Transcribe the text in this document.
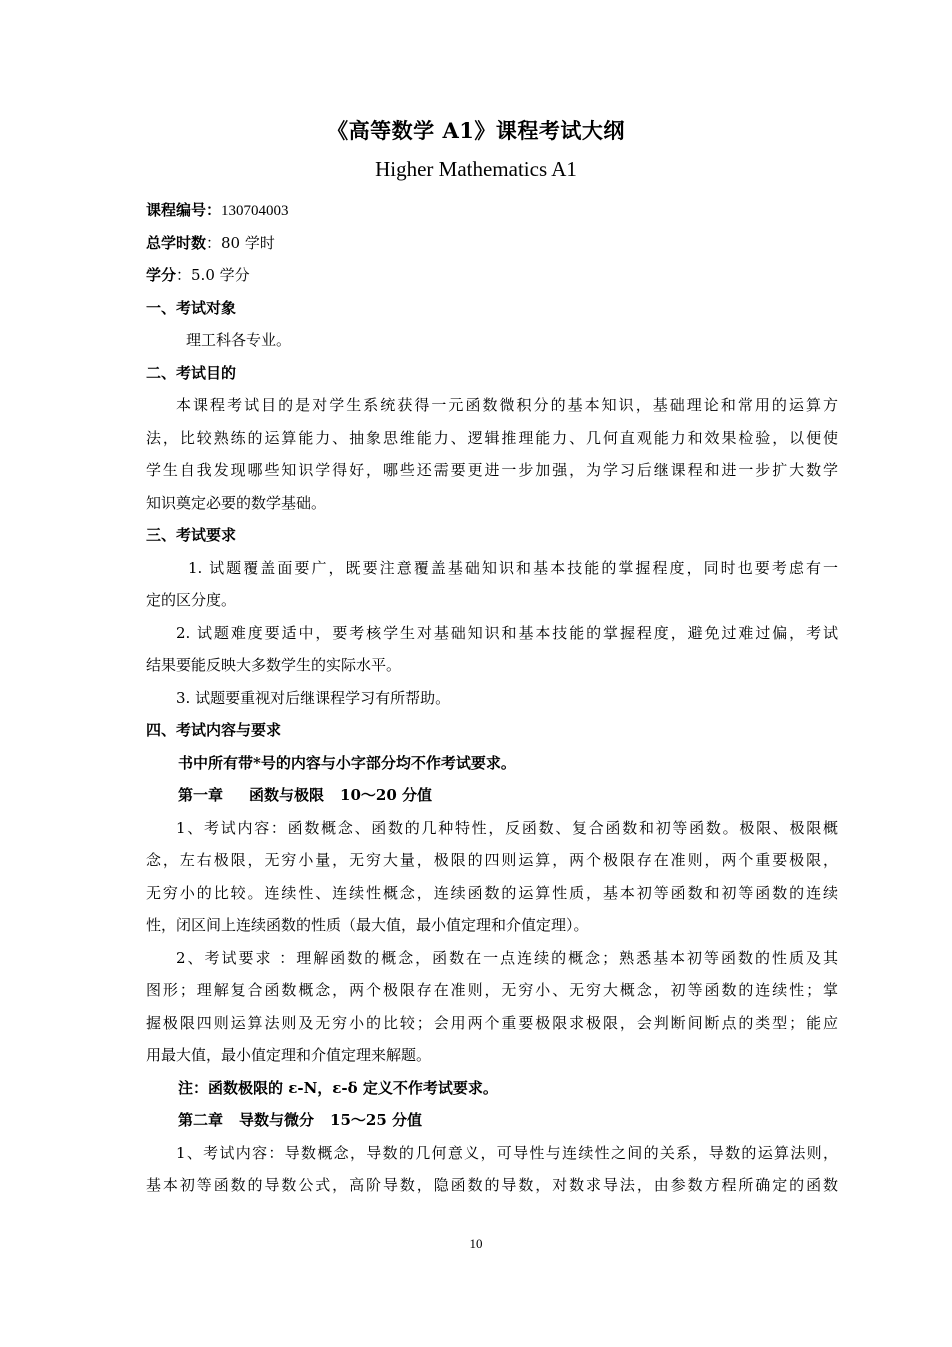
《高等数学 A1》课程考试大纲
Higher Mathematics A1
课程编号：130704003
总学时数：80 学时
学分：5.0 学分
一、考试对象
理工科各专业。
二、考试目的
本课程考试目的是对学生系统获得一元函数微积分的基本知识，基础理论和常用的运算方
法，比较熟练的运算能力、抽象思维能力、逻辑推理能力、几何直观能力和效果检验，以便使
学生自我发现哪些知识学得好，哪些还需要更进一步加强，为学习后继课程和进一步扩大数学
知识奠定必要的数学基础。
三、考试要求
1. 试题覆盖面要广，既要注意覆盖基础知识和基本技能的掌握程度，同时也要考虑有一
定的区分度。
2. 试题难度要适中，要考核学生对基础知识和基本技能的掌握程度，避免过难过偏，考试
结果要能反映大多数学生的实际水平。
3. 试题要重视对后继课程学习有所帮助。
四、考试内容与要求
书中所有带*号的内容与小字部分均不作考试要求。
第一章 函数与极限 10～20 分值
1、考试内容：函数概念、函数的几种特性，反函数、复合函数和初等函数。极限、极限概
念，左右极限，无穷小量，无穷大量，极限的四则运算，两个极限存在准则，两个重要极限，
无穷小的比较。连续性、连续性概念，连续函数的运算性质，基本初等函数和初等函数的连续
性，闭区间上连续函数的性质（最大值，最小值定理和介值定理）。
2、考试要求 ：理解函数的概念，函数在一点连续的概念；熟悉基本初等函数的性质及其
图形；理解复合函数概念，两个极限存在准则，无穷小、无穷大概念，初等函数的连续性；掌
握极限四则运算法则及无穷小的比较；会用两个重要极限求极限，会判断间断点的类型；能应
用最大值，最小值定理和介值定理来解题。
注：函数极限的 ε-N，ε-δ 定义不作考试要求。
第二章 导数与微分 15～25 分值
1、考试内容：导数概念，导数的几何意义，可导性与连续性之间的关系，导数的运算法则，
基本初等函数的导数公式，高阶导数，隐函数的导数，对数求导法，由参数方程所确定的函数
10
